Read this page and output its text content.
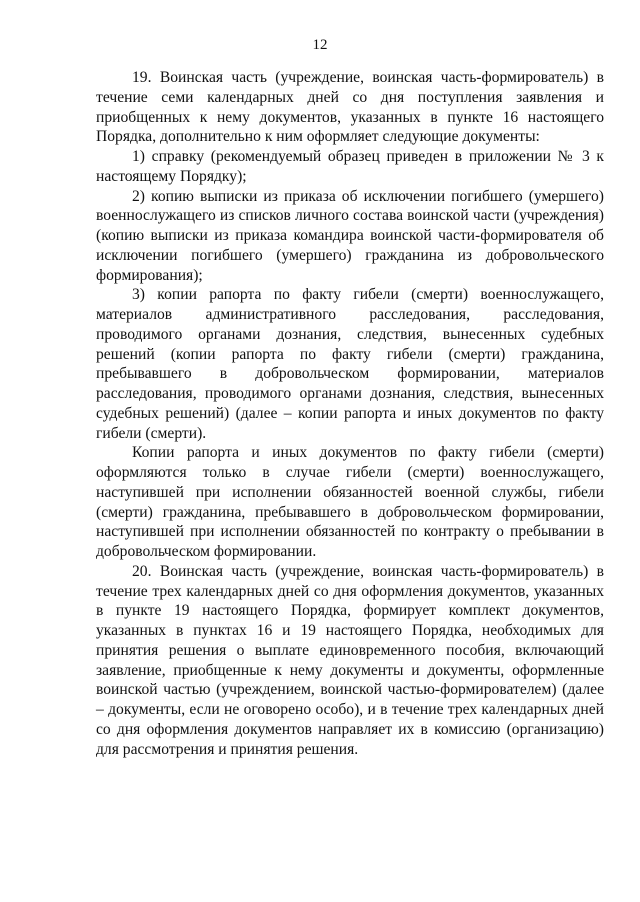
12

19. Воинская часть (учреждение, воинская часть-формирователь) в течение семи календарных дней со дня поступления заявления и приобщенных к нему документов, указанных в пункте 16 настоящего Порядка, дополнительно к ним оформляет следующие документы:

1) справку (рекомендуемый образец приведен в приложении № 3 к настоящему Порядку);

2) копию выписки из приказа об исключении погибшего (умершего) военнослужащего из списков личного состава воинской части (учреждения) (копию выписки из приказа командира воинской части-формирователя об исключении погибшего (умершего) гражданина из добровольческого формирования);

3) копии рапорта по факту гибели (смерти) военнослужащего, материалов административного расследования, расследования, проводимого органами дознания, следствия, вынесенных судебных решений (копии рапорта по факту гибели (смерти) гражданина, пребывавшего в добровольческом формировании, материалов расследования, проводимого органами дознания, следствия, вынесенных судебных решений) (далее – копии рапорта и иных документов по факту гибели (смерти).

Копии рапорта и иных документов по факту гибели (смерти) оформляются только в случае гибели (смерти) военнослужащего, наступившей при исполнении обязанностей военной службы, гибели (смерти) гражданина, пребывавшего в добровольческом формировании, наступившей при исполнении обязанностей по контракту о пребывании в добровольческом формировании.

20. Воинская часть (учреждение, воинская часть-формирователь) в течение трех календарных дней со дня оформления документов, указанных в пункте 19 настоящего Порядка, формирует комплект документов, указанных в пунктах 16 и 19 настоящего Порядка, необходимых для принятия решения о выплате единовременного пособия, включающий заявление, приобщенные к нему документы и документы, оформленные воинской частью (учреждением, воинской частью-формирователем) (далее – документы, если не оговорено особо), и в течение трех календарных дней со дня оформления документов направляет их в комиссию (организацию) для рассмотрения и принятия решения.
